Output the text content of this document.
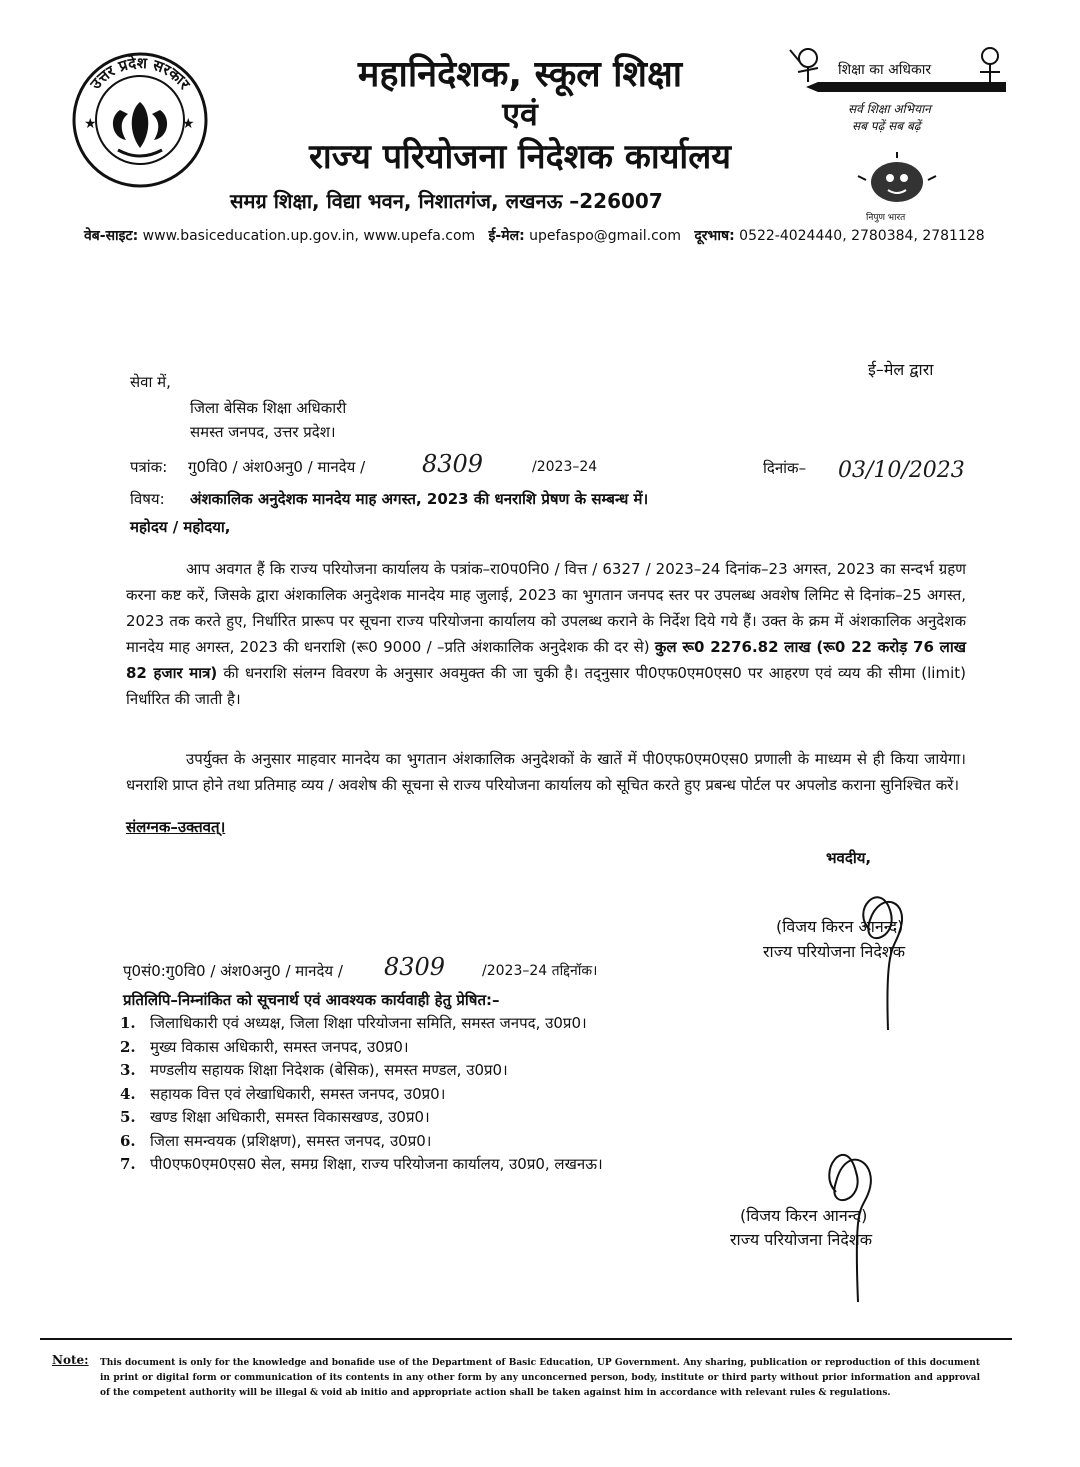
उत्तर प्रदेश सरकार
★	★
महानिदेशक, स्कूल शिक्षा
एवं
राज्य परियोजना निदेशक कार्यालय
समग्र शिक्षा, विद्या भवन, निशातगंज, लखनऊ –226007
वेब-साइट: www.basiceducation.up.gov.in, www.upefa.com ई-मेल: upefaspo@gmail.com दूरभाष: 0522-4024440, 2780384, 2781128
शिक्षा का अधिकार
सर्व शिक्षा अभियान
सब पढ़ें सब बढ़ें
निपुण भारत
ई–मेल द्वारा
सेवा में,
जिला बेसिक शिक्षा अधिकारी
समस्त जनपद, उत्तर प्रदेश।
पत्रांक: गु0वि0 / अंश0अनु0 / मानदेय / 8309	/2023–24	दिनांक– 03/10/2023
विषय: अंशकालिक अनुदेशक मानदेय माह अगस्त, 2023 की धनराशि प्रेषण के सम्बन्ध में।
महोदय / महोदया,
आप अवगत हैं कि राज्य परियोजना कार्यालय के पत्रांक–रा0प0नि0 / वित्त / 6327 / 2023–24 दिनांक–23 अगस्त, 2023 का सन्दर्भ ग्रहण करना कष्ट करें, जिसके द्वारा अंशकालिक अनुदेशक मानदेय माह जुलाई, 2023 का भुगतान जनपद स्तर पर उपलब्ध अवशेष लिमिट से दिनांक–25 अगस्त, 2023 तक करते हुए, निर्धारित प्रारूप पर सूचना राज्य परियोजना कार्यालय को उपलब्ध कराने के निर्देश दिये गये हैं। उक्त के क्रम में अंशकालिक अनुदेशक मानदेय माह अगस्त, 2023 की धनराशि (रू0 9000 / –प्रति अंशकालिक अनुदेशक की दर से) कुल रू0 2276.82 लाख (रू0 22 करोड़ 76 लाख 82 हजार मात्र) की धनराशि संलग्न विवरण के अनुसार अवमुक्त की जा चुकी है। तद्नुसार पी0एफ0एम0एस0 पर आहरण एवं व्यय की सीमा (limit) निर्धारित की जाती है।
उपर्युक्त के अनुसार माहवार मानदेय का भुगतान अंशकालिक अनुदेशकों के खातें में पी0एफ0एम0एस0 प्रणाली के माध्यम से ही किया जायेगा। धनराशि प्राप्त होने तथा प्रतिमाह व्यय / अवशेष की सूचना से राज्य परियोजना कार्यालय को सूचित करते हुए प्रबन्ध पोर्टल पर अपलोड कराना सुनिश्चित करें।
संलग्नक–उक्तवत्।
भवदीय,
(विजय किरन आनन्द)
राज्य परियोजना निदेशक
पृ0सं0:गु0वि0 / अंश0अनु0 / मानदेय / 8309	/2023–24 तद्दिनॉक।
प्रतिलिपि–निम्नांकित को सूचनार्थ एवं आवश्यक कार्यवाही हेतु प्रेषित:–
1. जिलाधिकारी एवं अध्यक्ष, जिला शिक्षा परियोजना समिति, समस्त जनपद, उ0प्र0।
2. मुख्य विकास अधिकारी, समस्त जनपद, उ0प्र0।
3. मण्डलीय सहायक शिक्षा निदेशक (बेसिक), समस्त मण्डल, उ0प्र0।
4. सहायक वित्त एवं लेखाधिकारी, समस्त जनपद, उ0प्र0।
5. खण्ड शिक्षा अधिकारी, समस्त विकासखण्ड, उ0प्र0।
6. जिला समन्वयक (प्रशिक्षण), समस्त जनपद, उ0प्र0।
7. पी0एफ0एम0एस0 सेल, समग्र शिक्षा, राज्य परियोजना कार्यालय, उ0प्र0, लखनऊ।
(विजय किरन आनन्द)
राज्य परियोजना निदेशक
Note: This document is only for the knowledge and bonafide use of the Department of Basic Education, UP Government. Any sharing, publication or reproduction of this document in print or digital form or communication of its contents in any other form by any unconcerned person, body, institute or third party without prior information and approval of the competent authority will be illegal & void ab initio and appropriate action shall be taken against him in accordance with relevant rules & regulations.
